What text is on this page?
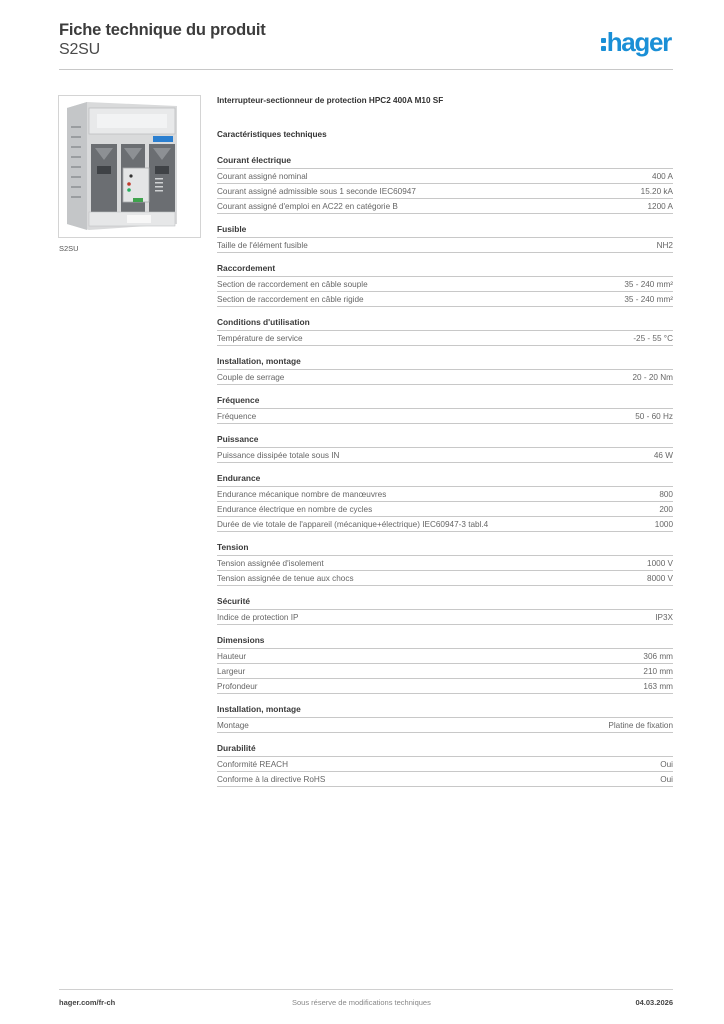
Fiche technique du produit
S2SU	hager
S2SU
Interrupteur-sectionneur de protection HPC2 400A M10 SF
Caractéristiques techniques
Courant électrique
Courant assigné nominal	400 A
Courant assigné admissible sous 1 seconde IEC60947	15.20 kA
Courant assigné d'emploi en AC22 en catégorie B	1200 A
Fusible
Taille de l'élément fusible	NH2
Raccordement
Section de raccordement en câble souple	35 - 240 mm²
Section de raccordement en câble rigide	35 - 240 mm²
Conditions d'utilisation
Température de service	-25 - 55 °C
Installation, montage
Couple de serrage	20 - 20 Nm
Fréquence
Fréquence	50 - 60 Hz
Puissance
Puissance dissipée totale sous IN	46 W
Endurance
Endurance mécanique nombre de manœuvres	800
Endurance électrique en nombre de cycles	200
Durée de vie totale de l'appareil (mécanique+électrique) IEC60947-3 tabl.4	1000
Tension
Tension assignée d'isolement	1000 V
Tension assignée de tenue aux chocs	8000 V
Sécurité
Indice de protection IP	IP3X
Dimensions
Hauteur	306 mm
Largeur	210 mm
Profondeur	163 mm
Installation, montage
Montage	Platine de fixation
Durabilité
Conformité REACH	Oui
Conforme à la directive RoHS	Oui
hager.com/fr-ch	Sous réserve de modifications techniques	04.03.2026
